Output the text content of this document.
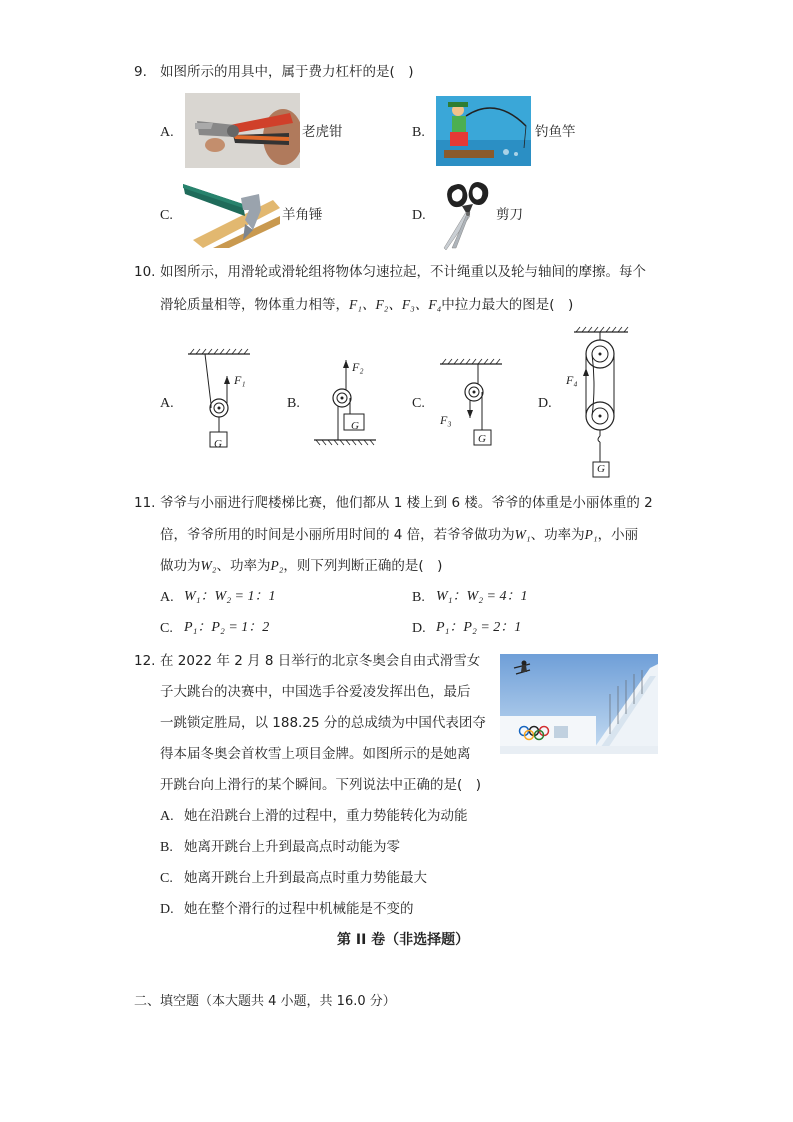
9. 如图所示的用具中，属于费力杠杆的是(　)
A.	老虎钳	B.	钓鱼竿
C.	羊角锤	D.	剪刀
10. 如图所示，用滑轮或滑轮组将物体匀速拉起，不计绳重以及轮与轴间的摩擦。每个
滑轮质量相等，物体重力相等，F₁、F₂、F₃、F₄中拉力最大的图是(　)
A.
F₁
G
B.
F₂
G
C.
F₃
G
D.
F₄
G
11. 爷爷与小丽进行爬楼梯比赛，他们都从 1 楼上到 6 楼。爷爷的体重是小丽体重的 2
倍，爷爷所用的时间是小丽所用时间的 4 倍，若爷爷做功为W₁、功率为P₁，小丽
做功为W₂、功率为P₂，则下列判断正确的是(　)
A. W₁：W₂ = 1：1	B. W₁：W₂ = 4：1
C. P₁：P₂ = 1：2	D. P₁：P₂ = 2：1
12. 在 2022 年 2 月 8 日举行的北京冬奥会自由式滑雪女
子大跳台的决赛中，中国选手谷爱凌发挥出色，最后
一跳锁定胜局，以 188.25 分的总成绩为中国代表团夺
得本届冬奥会首枚雪上项目金牌。如图所示的是她离
开跳台向上滑行的某个瞬间。下列说法中正确的是(　)
A. 她在沿跳台上滑的过程中，重力势能转化为动能
B. 她离开跳台上升到最高点时动能为零
C. 她离开跳台上升到最高点时重力势能最大
D. 她在整个滑行的过程中机械能是不变的
第 II 卷（非选择题）
二、填空题（本大题共 4 小题，共 16.0 分）
